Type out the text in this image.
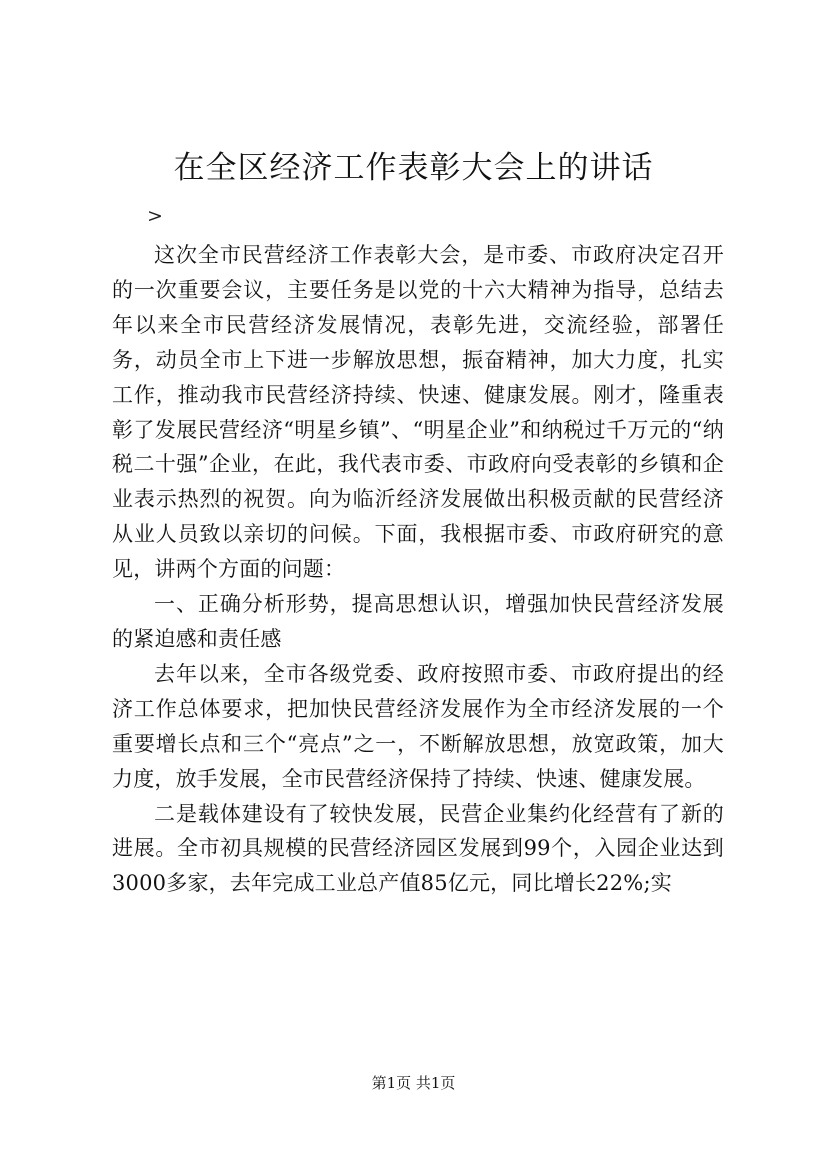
在全区经济工作表彰大会上的讲话
>

这次全市民营经济工作表彰大会，是市委、市政府决定召开的一次重要会议，主要任务是以党的十六大精神为指导，总结去年以来全市民营经济发展情况，表彰先进，交流经验，部署任务，动员全市上下进一步解放思想，振奋精神，加大力度，扎实工作，推动我市民营经济持续、快速、健康发展。刚才，隆重表彰了发展民营经济“明星乡镇”、“明星企业”和纳税过千万元的“纳税二十强”企业，在此，我代表市委、市政府向受表彰的乡镇和企业表示热烈的祝贺。向为临沂经济发展做出积极贡献的民营经济从业人员致以亲切的问候。下面，我根据市委、市政府研究的意见，讲两个方面的问题：

一、正确分析形势，提高思想认识，增强加快民营经济发展的紧迫感和责任感

去年以来，全市各级党委、政府按照市委、市政府提出的经济工作总体要求，把加快民营经济发展作为全市经济发展的一个重要增长点和三个“亮点”之一，不断解放思想，放宽政策，加大力度，放手发展，全市民营经济保持了持续、快速、健康发展。

二是载体建设有了较快发展，民营企业集约化经营有了新的进展。全市初具规模的民营经济园区发展到99个，入园企业达到3000多家，去年完成工业总产值85亿元，同比增长22%;实

第1页 共1页
